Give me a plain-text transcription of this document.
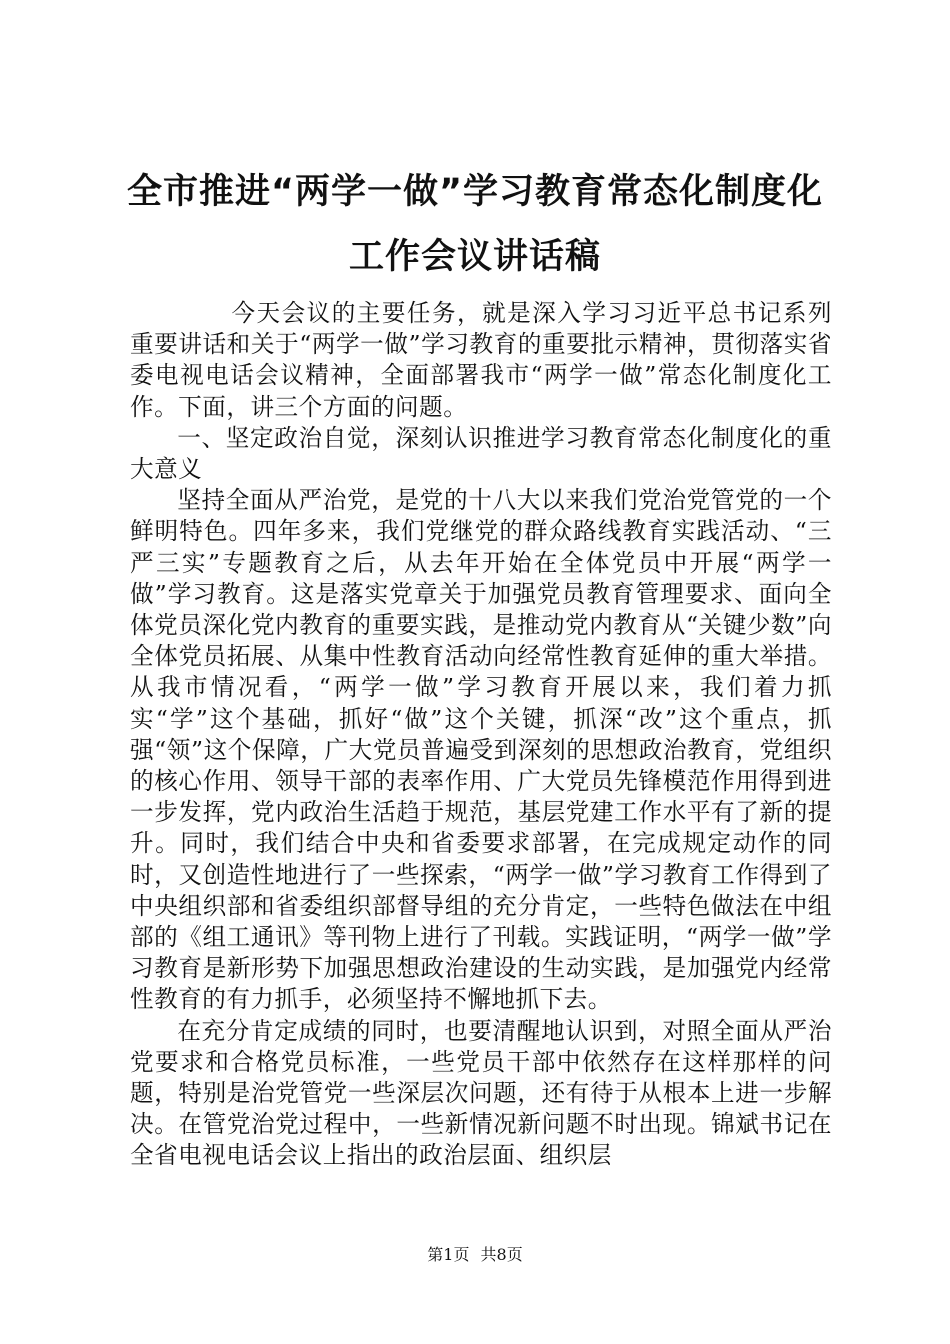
全市推进“两学一做”学习教育常态化制度化
工作会议讲话稿

今天会议的主要任务，就是深入学习习近平总书记系列重要讲话和关于“两学一做”学习教育的重要批示精神，贯彻落实省委电视电话会议精神，全面部署我市“两学一做”常态化制度化工作。下面，讲三个方面的问题。

一、坚定政治自觉，深刻认识推进学习教育常态化制度化的重大意义

坚持全面从严治党，是党的十八大以来我们党治党管党的一个鲜明特色。四年多来，我们党继党的群众路线教育实践活动、“三严三实”专题教育之后，从去年开始在全体党员中开展“两学一做”学习教育。这是落实党章关于加强党员教育管理要求、面向全体党员深化党内教育的重要实践，是推动党内教育从“关键少数”向全体党员拓展、从集中性教育活动向经常性教育延伸的重大举措。从我市情况看，“两学一做”学习教育开展以来，我们着力抓实“学”这个基础，抓好“做”这个关键，抓深“改”这个重点，抓强“领”这个保障，广大党员普遍受到深刻的思想政治教育，党组织的核心作用、领导干部的表率作用、广大党员先锋模范作用得到进一步发挥，党内政治生活趋于规范，基层党建工作水平有了新的提升。同时，我们结合中央和省委要求部署，在完成规定动作的同时，又创造性地进行了一些探索，“两学一做”学习教育工作得到了中央组织部和省委组织部督导组的充分肯定，一些特色做法在中组部的《组工通讯》等刊物上进行了刊载。实践证明，“两学一做”学习教育是新形势下加强思想政治建设的生动实践，是加强党内经常性教育的有力抓手，必须坚持不懈地抓下去。

在充分肯定成绩的同时，也要清醒地认识到，对照全面从严治党要求和合格党员标准，一些党员干部中依然存在这样那样的问题，特别是治党管党一些深层次问题，还有待于从根本上进一步解决。在管党治党过程中，一些新情况新问题不时出现。锦斌书记在全省电视电话会议上指出的政治层面、组织层

第1页 共8页
